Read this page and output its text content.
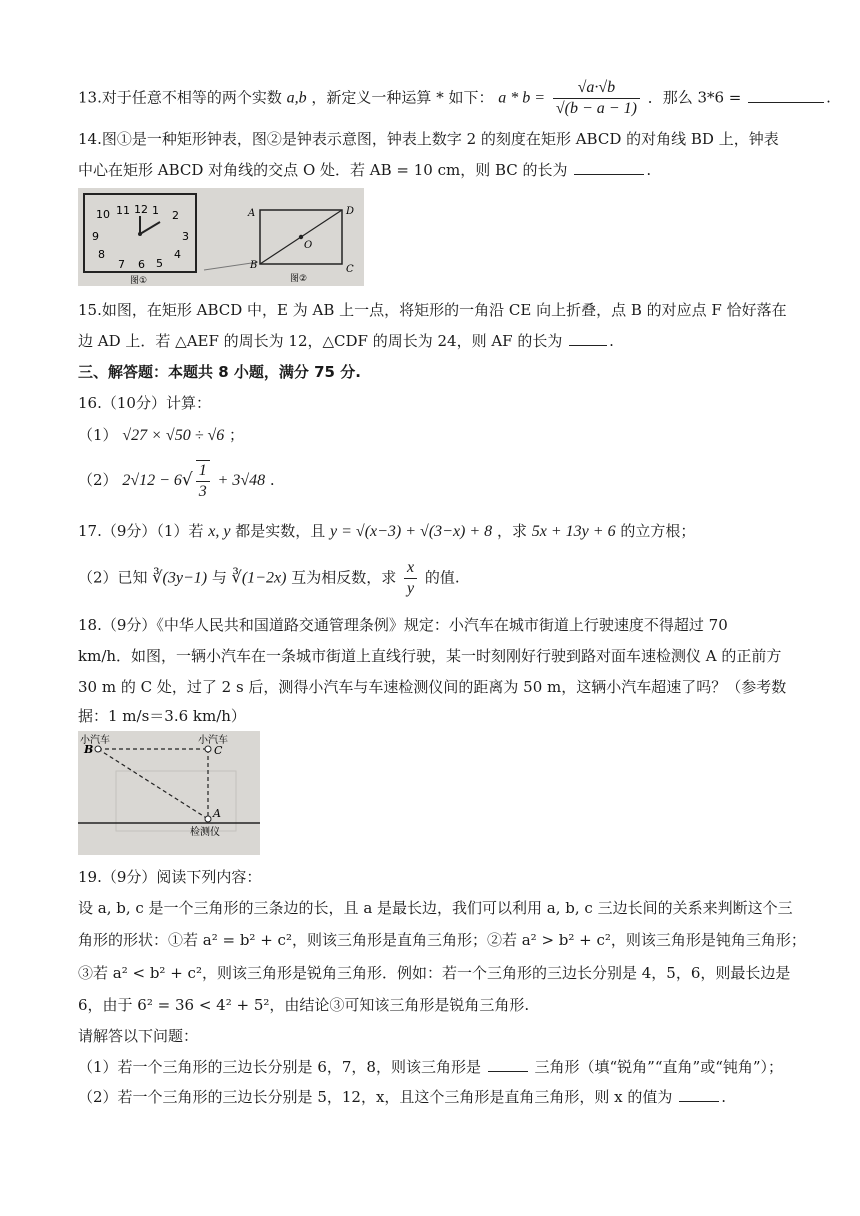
13.对于任意不相等的两个实数 a,b ，新定义一种运算 * 如下： $a * b = \frac{√a\cdot√b}{√(b - a - 1)}$ ．那么 3*6 =	.
14.图①是一种矩形钟表，图②是钟表示意图，钟表上数字 2 的刻度在矩形 ABCD 的对角线 BD 上，钟表
中心在矩形 ABCD 对角线的交点 O 处．若 AB = 10 cm，则 BC 的长为	.
10 11 12 1 2
9	3
8	4
7 6 5
图①
A	D
O
B	C
图②
15.如图，在矩形 ABCD 中，E 为 AB 上一点，将矩形的一角沿 CE 向上折叠，点 B 的对应点 F 恰好落在
边 AD 上．若 △AEF 的周长为 12，△CDF 的周长为 24，则 AF 的长为	.
三、解答题：本题共 8 小题，满分 75 分.
16.（10分）计算：
（1） √27 × √50 ÷ √6 ；
（2） $2√12 - 6√ \frac{1}{3} + 3√48$ .
17.（9分）（1）若 x, y 都是实数，且 y = √(x−3) + √(3−x) + 8 ，求 5x + 13y + 6 的立方根；
（2）已知 ∛(3y−1) 与 ∛(1−2x) 互为相反数，求 $\frac{x}{y}$ 的值.
18.（9分）《中华人民共和国道路交通管理条例》规定：小汽车在城市街道上行驶速度不得超过 70
km/h．如图，一辆小汽车在一条城市街道上直线行驶，某一时刻刚好行驶到路对面车速检测仪 A 的正前方
30 m 的 C 处，过了 2 s 后，测得小汽车与车速检测仪间的距离为 50 m，这辆小汽车超速了吗？（参考数
据：1 m/s＝3.6 km/h）
小汽车	小汽车
B	C
A
检测仪
19.（9分）阅读下列内容：
设 a, b, c 是一个三角形的三条边的长，且 a 是最长边，我们可以利用 a, b, c 三边长间的关系来判断这个三
角形的形状：①若 a² = b² + c²，则该三角形是直角三角形；②若 a² > b² + c²，则该三角形是钝角三角形；
③若 a² < b² + c²，则该三角形是锐角三角形．例如：若一个三角形的三边长分别是 4，5，6，则最长边是
6，由于 6² = 36 < 4² + 5²，由结论③可知该三角形是锐角三角形.
请解答以下问题：
（1）若一个三角形的三边长分别是 6，7，8，则该三角形是	三角形（填“锐角”“直角”或“钝角”）；
（2）若一个三角形的三边长分别是 5，12，x，且这个三角形是直角三角形，则 x 的值为	.
